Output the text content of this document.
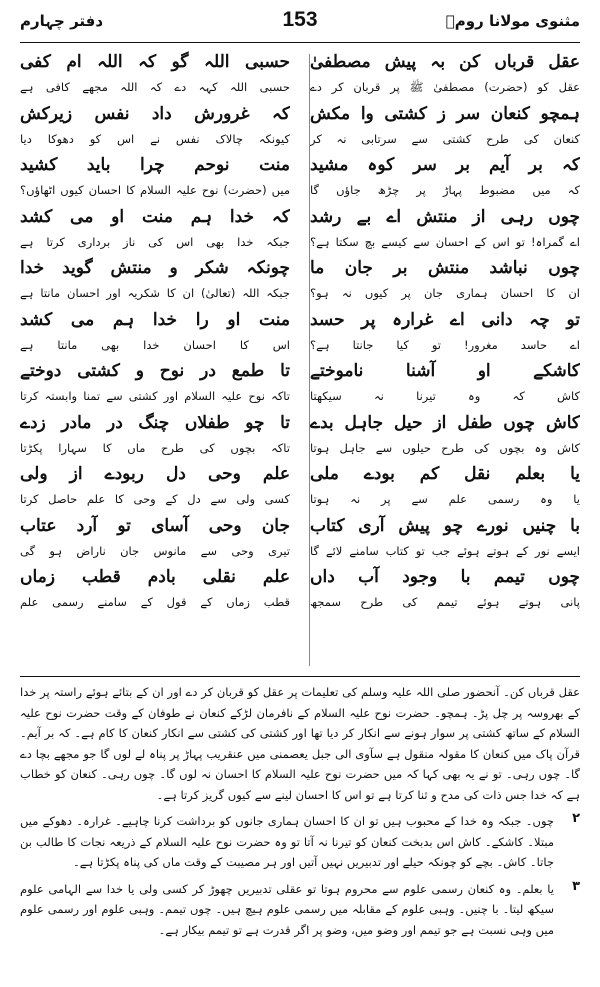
دفتر چہارم	153	مثنوی مولانا رومؒ
عقل قرباں کن بہ پیش مصطفیٰ
عقل کو (حضرت) مصطفیٰ ﷺ پر قربان کر دے
ہمچو کنعان سر ز کشتی وا مکش
کنعان کی طرح کشتی سے سرتابی نہ کر
کہ بر آیم بر سر کوہ مشید
کہ میں مضبوط پہاڑ پر چڑھ جاؤں گا
چوں رہی از منتش اے بے رشد
اے گمراہ! تو اس کے احسان سے کیسے بچ سکتا ہے؟
چوں نباشد منتش بر جان ما
ان کا احسان ہماری جان پر کیوں نہ ہو؟
تو چہ دانی اے غرارہ پر حسد
اے حاسد مغرور! تو کیا جانتا ہے؟
کاشکے او آشنا ناموختے
کاش کہ وہ تیرنا نہ سیکھتا
کاش چوں طفل از حیل جاہل بدے
کاش وہ بچوں کی طرح حیلوں سے جاہل ہوتا
یا بعلم نقل کم بودے ملی
یا وہ رسمی علم سے پر نہ ہوتا
با چنیں نورے چو پیش آری کتاب
ایسے نور کے ہوتے ہوئے جب تو کتاب سامنے لائے گا
چوں تیمم با وجود آب داں
پانی ہوتے ہوئے تیمم کی طرح سمجھ
حسبی اللہ گو کہ اللہ ام کفی
حسبی اللہ کہہ دے کہ اللہ مجھے کافی ہے
کہ غرورش داد نفس زیرکش
کیونکہ چالاک نفس نے اس کو دھوکا دیا
منت نوحم چرا باید کشید
میں (حضرت) نوح علیہ السلام کا احسان کیوں اٹھاؤں؟
کہ خدا ہم منت او می کشد
جبکہ خدا بھی اس کی ناز برداری کرتا ہے
چونکہ شکر و منتش گوید خدا
جبکہ اللہ (تعالیٰ) ان کا شکریہ اور احسان مانتا ہے
منت او را خدا ہم می کشد
اس کا احسان خدا بھی مانتا ہے
تا طمع در نوح و کشتی دوختے
تاکہ نوح علیہ السلام اور کشتی سے تمنا وابستہ کرتا
تا چو طفلاں چنگ در مادر زدے
تاکہ بچوں کی طرح ماں کا سہارا پکڑتا
علم وحی دل ربودے از ولی
کسی ولی سے دل کے وحی کا علم حاصل کرتا
جان وحی آسای تو آرد عتاب
تیری وحی سے مانوس جان ناراض ہو گی
علم نقلی بادم قطب زماں
قطب زماں کے قول کے سامنے رسمی علم
عقل قرباں کن۔ آنحضور صلی اللہ علیہ وسلم کی تعلیمات پر عقل کو قربان کر دے اور ان کے بتائے ہوئے راستہ پر خدا کے بھروسہ پر چل پڑ۔ ہمچو۔ حضرت نوح علیہ السلام کے نافرمان لڑکے کنعان نے طوفان کے وقت حضرت نوح علیہ السلام کے ساتھ کشتی پر سوار ہونے سے انکار کر دیا تھا اور کشتی کی کشتی سے انکار کنعان کا کام ہے۔ کہ بر آیم۔ قرآن پاک میں کنعان کا مقولہ منقول ہے سآوی الی جبل یعصمنی میں عنقریب پہاڑ پر پناہ لے لوں گا جو مجھے بچا دے گا۔ چوں رہی۔ تو نے یہ بھی کہا کہ میں حضرت نوح علیہ السلام کا احسان نہ لوں گا۔ چوں رہی۔ کنعان کو خطاب ہے کہ خدا جس ذات کی مدح و ثنا کرتا ہے تو اس کا احسان لینے سے کیوں گریز کرتا ہے۔
۲
چوں۔ جبکہ وہ خدا کے محبوب ہیں تو ان کا احسان ہماری جانوں کو برداشت کرنا چاہیے۔ غرارہ۔ دھوکے میں مبتلا۔ کاشکے۔ کاش اس بدبخت کنعان کو تیرنا نہ آتا تو وہ حضرت نوح علیہ السلام کے ذریعہ نجات کا طالب بن جاتا۔ کاش۔ بچے کو چونکہ حیلے اور تدبیریں نہیں آتیں اور ہر مصیبت کے وقت ماں کی پناہ پکڑتا ہے۔
۳
یا بعلم۔ وہ کنعان رسمی علوم سے محروم ہوتا تو عقلی تدبیریں چھوڑ کر کسی ولی یا خدا سے الہامی علوم سیکھ لیتا۔ با چنیں۔ وہبی علوم کے مقابلہ میں رسمی علوم ہیچ ہیں۔ چوں تیمم۔ وہبی علوم اور رسمی علوم میں وہی نسبت ہے جو تیمم اور وضو میں، وضو پر اگر قدرت ہے تو تیمم بیکار ہے۔
